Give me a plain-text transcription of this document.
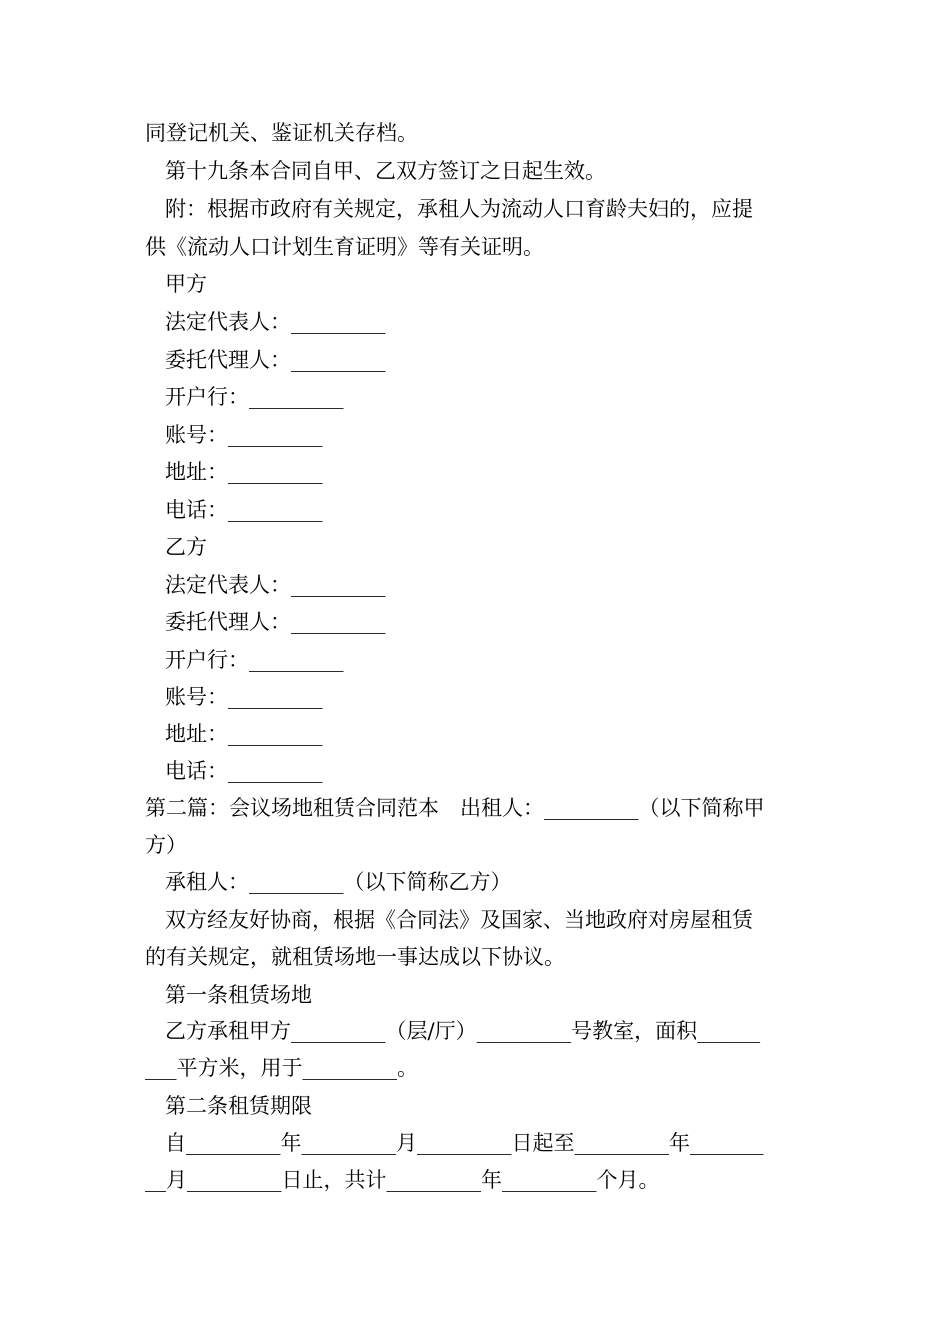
同登记机关、鉴证机关存档。
第十九条本合同自甲、乙双方签订之日起生效。
附：根据市政府有关规定，承租人为流动人口育龄夫妇的，应提
供《流动人口计划生育证明》等有关证明。
甲方
法定代表人：_________
委托代理人：_________
开户行：_________
账号：_________
地址：_________
电话：_________
乙方
法定代表人：_________
委托代理人：_________
开户行：_________
账号：_________
地址：_________
电话：_________
第二篇：会议场地租赁合同范本　出租人：_________（以下简称甲
方）
承租人：_________（以下简称乙方）
双方经友好协商，根据《合同法》及国家、当地政府对房屋租赁
的有关规定，就租赁场地一事达成以下协议。
第一条租赁场地
乙方承租甲方_________（层/厅）_________号教室，面积______
___平方米，用于_________。
第二条租赁期限
自_________年_________月_________日起至_________年_______
__月_________日止，共计_________年_________个月。
